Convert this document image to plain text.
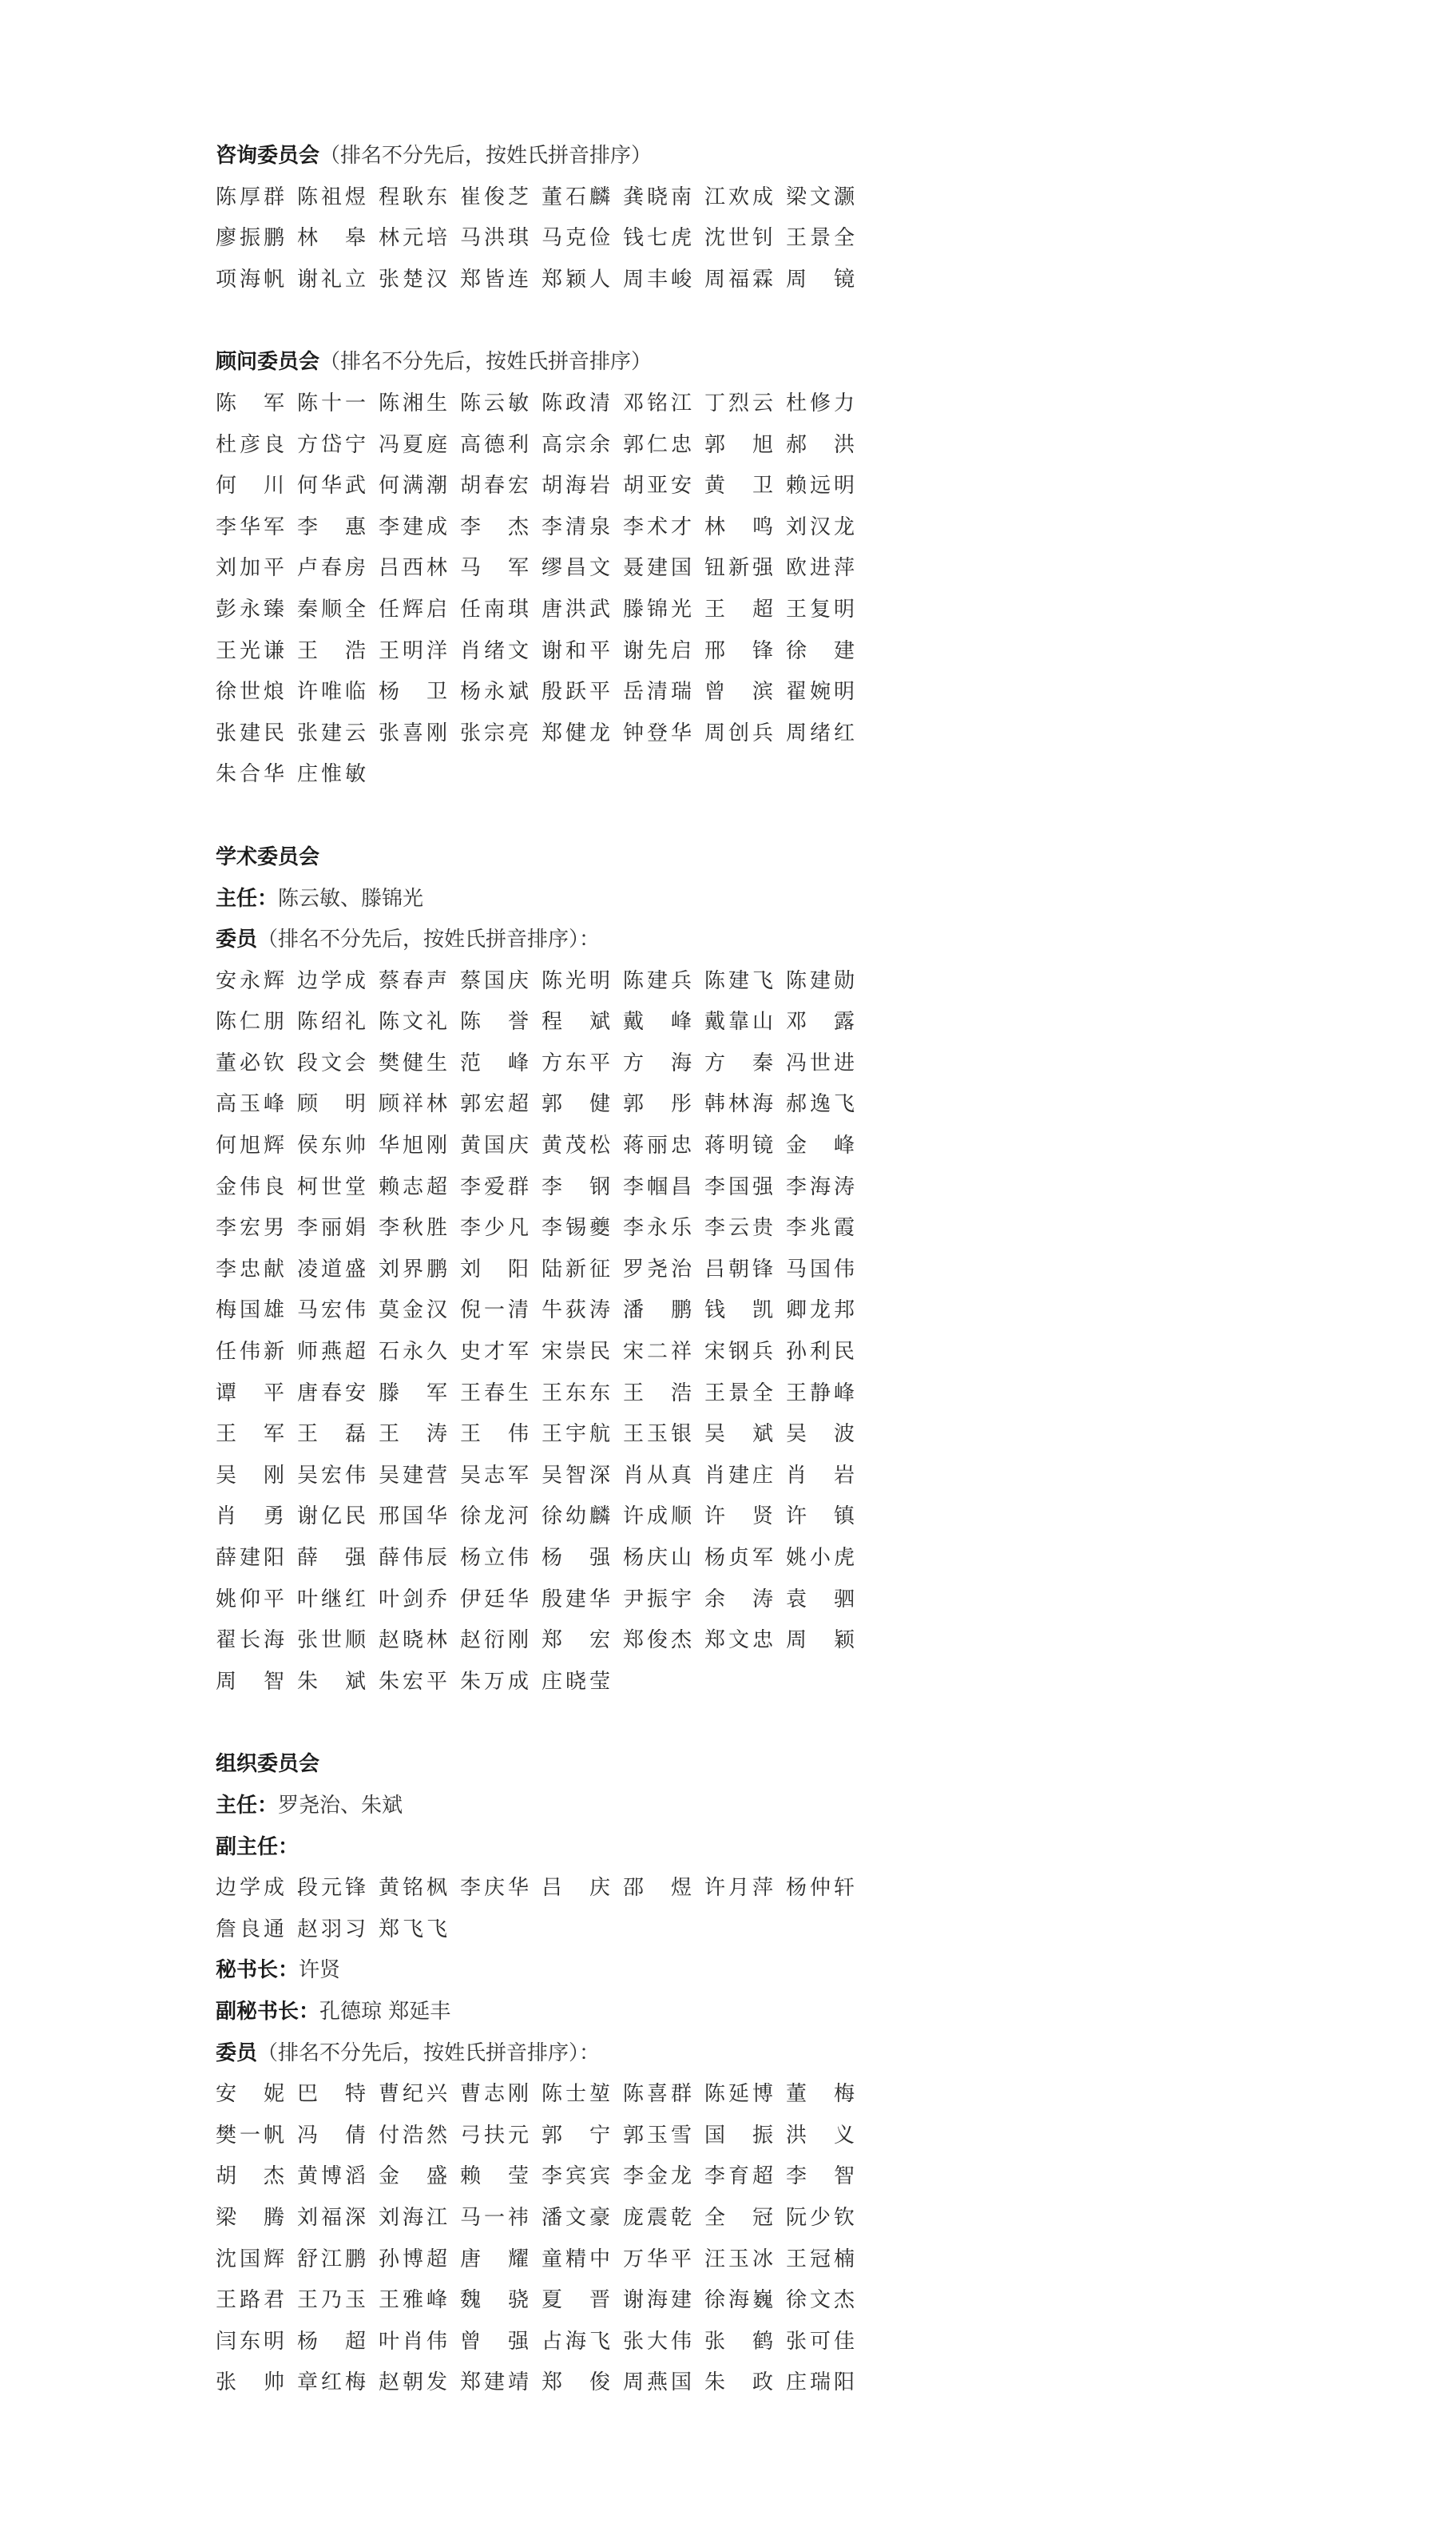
咨询委员会（排名不分先后，按姓氏拼音排序）
陈 厚 群 陈 祖 煜 程 耿 东 崔 俊 芝 董 石 麟 龚 晓 南 江 欢 成 梁 文 灏
廖 振 鹏 林 皋 林 元 培 马 洪 琪 马 克 俭 钱 七 虎 沈 世 钊 王 景 全
项 海 帆 谢 礼 立 张 楚 汉 郑 皆 连 郑 颖 人 周 丰 峻 周 福 霖 周 镜
顾问委员会（排名不分先后，按姓氏拼音排序）
陈 军 陈 十 一 陈 湘 生 陈 云 敏 陈 政 清 邓 铭 江 丁 烈 云 杜 修 力
杜 彦 良 方 岱 宁 冯 夏 庭 高 德 利 高 宗 余 郭 仁 忠 郭 旭 郝 洪
何 川 何 华 武 何 满 潮 胡 春 宏 胡 海 岩 胡 亚 安 黄 卫 赖 远 明
李 华 军 李 惠 李 建 成 李 杰 李 清 泉 李 术 才 林 鸣 刘 汉 龙
刘 加 平 卢 春 房 吕 西 林 马 军 缪 昌 文 聂 建 国 钮 新 强 欧 进 萍
彭 永 臻 秦 顺 全 任 辉 启 任 南 琪 唐 洪 武 滕 锦 光 王 超 王 复 明
王 光 谦 王 浩 王 明 洋 肖 绪 文 谢 和 平 谢 先 启 邢 锋 徐 建
徐 世 烺 许 唯 临 杨 卫 杨 永 斌 殷 跃 平 岳 清 瑞 曾 滨 翟 婉 明
张 建 民 张 建 云 张 喜 刚 张 宗 亮 郑 健 龙 钟 登 华 周 创 兵 周 绪 红
朱 合 华 庄 惟 敏
学术委员会
主任：陈云敏、滕锦光
委员（排名不分先后，按姓氏拼音排序）：
安 永 辉 边 学 成 蔡 春 声 蔡 国 庆 陈 光 明 陈 建 兵 陈 建 飞 陈 建 勋
陈 仁 朋 陈 绍 礼 陈 文 礼 陈 誉 程 斌 戴 峰 戴 靠 山 邓 露
董 必 钦 段 文 会 樊 健 生 范 峰 方 东 平 方 海 方 秦 冯 世 进
高 玉 峰 顾 明 顾 祥 林 郭 宏 超 郭 健 郭 彤 韩 林 海 郝 逸 飞
何 旭 辉 侯 东 帅 华 旭 刚 黄 国 庆 黄 茂 松 蒋 丽 忠 蒋 明 镜 金 峰
金 伟 良 柯 世 堂 赖 志 超 李 爱 群 李 钢 李 帼 昌 李 国 强 李 海 涛
李 宏 男 李 丽 娟 李 秋 胜 李 少 凡 李 锡 夔 李 永 乐 李 云 贵 李 兆 霞
李 忠 献 凌 道 盛 刘 界 鹏 刘 阳 陆 新 征 罗 尧 治 吕 朝 锋 马 国 伟
梅 国 雄 马 宏 伟 莫 金 汉 倪 一 清 牛 荻 涛 潘 鹏 钱 凯 卿 龙 邦
任 伟 新 师 燕 超 石 永 久 史 才 军 宋 崇 民 宋 二 祥 宋 钢 兵 孙 利 民
谭 平 唐 春 安 滕 军 王 春 生 王 东 东 王 浩 王 景 全 王 静 峰
王 军 王 磊 王 涛 王 伟 王 宇 航 王 玉 银 吴 斌 吴 波
吴 刚 吴 宏 伟 吴 建 营 吴 志 军 吴 智 深 肖 从 真 肖 建 庄 肖 岩
肖 勇 谢 亿 民 邢 国 华 徐 龙 河 徐 幼 麟 许 成 顺 许 贤 许 镇
薛 建 阳 薛 强 薛 伟 辰 杨 立 伟 杨 强 杨 庆 山 杨 贞 军 姚 小 虎
姚 仰 平 叶 继 红 叶 剑 乔 伊 廷 华 殷 建 华 尹 振 宇 余 涛 袁 驷
翟 长 海 张 世 顺 赵 晓 林 赵 衍 刚 郑 宏 郑 俊 杰 郑 文 忠 周 颖
周 智 朱 斌 朱 宏 平 朱 万 成 庄 晓 莹
组织委员会
主任：罗尧治、朱斌
副主任：
边 学 成 段 元 锋 黄 铭 枫 李 庆 华 吕 庆 邵 煜 许 月 萍 杨 仲 轩
詹 良 通 赵 羽 习 郑 飞 飞
秘书长：许贤
副秘书长：孔德琼 郑延丰
委员（排名不分先后，按姓氏拼音排序）：
安 妮 巴 特 曹 纪 兴 曹 志 刚 陈 士 堃 陈 喜 群 陈 延 博 董 梅
樊 一 帆 冯 倩 付 浩 然 弓 扶 元 郭 宁 郭 玉 雪 国 振 洪 义
胡 杰 黄 博 滔 金 盛 赖 莹 李 宾 宾 李 金 龙 李 育 超 李 智
梁 腾 刘 福 深 刘 海 江 马 一 祎 潘 文 豪 庞 震 乾 全 冠 阮 少 钦
沈 国 辉 舒 江 鹏 孙 博 超 唐 耀 童 精 中 万 华 平 汪 玉 冰 王 冠 楠
王 路 君 王 乃 玉 王 雅 峰 魏 骁 夏 晋 谢 海 建 徐 海 巍 徐 文 杰
闫 东 明 杨 超 叶 肖 伟 曾 强 占 海 飞 张 大 伟 张 鹤 张 可 佳
张 帅 章 红 梅 赵 朝 发 郑 建 靖 郑 俊 周 燕 国 朱 政 庄 瑞 阳
